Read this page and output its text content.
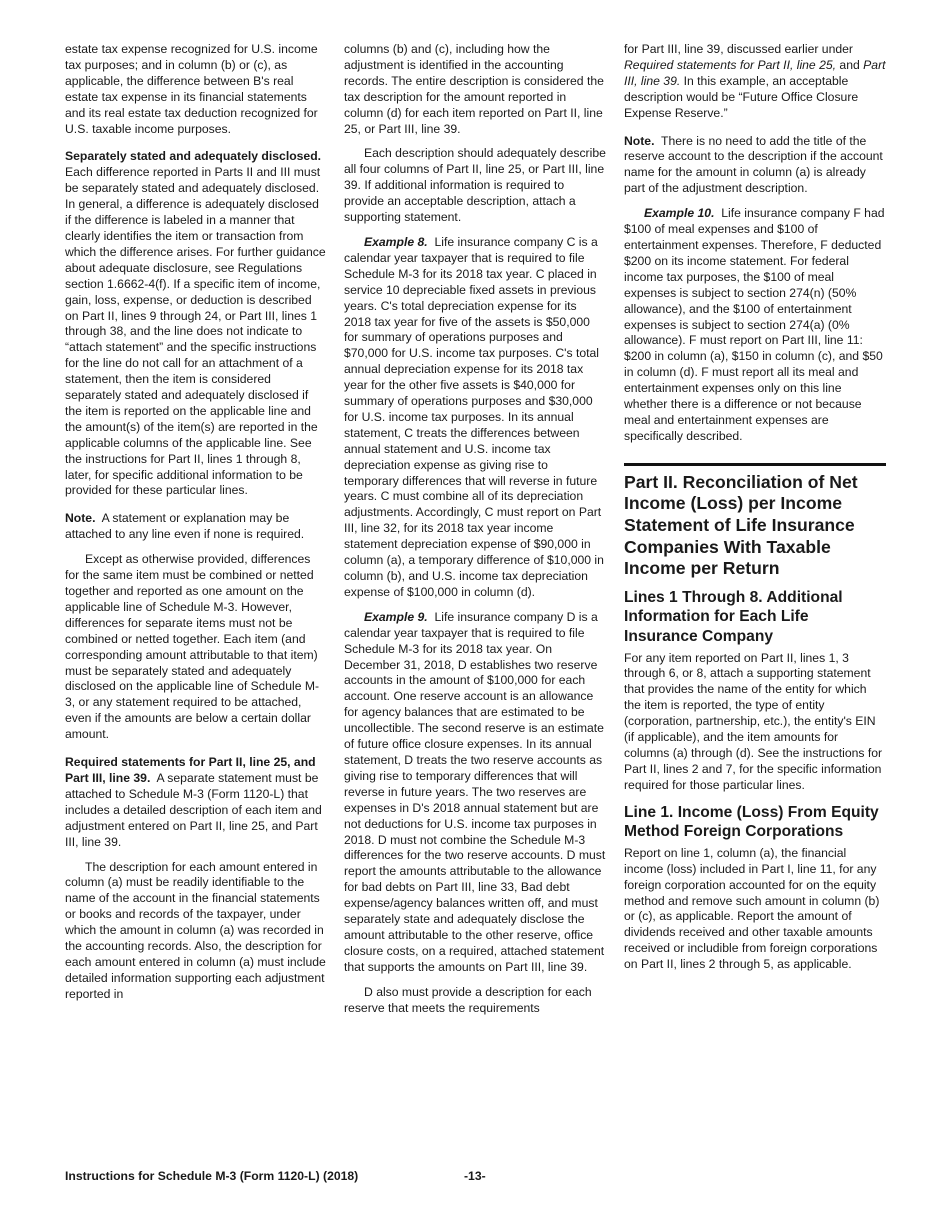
estate tax expense recognized for U.S. income tax purposes; and in column (b) or (c), as applicable, the difference between B's real estate tax expense in its financial statements and its real estate tax deduction recognized for U.S. taxable income purposes.

Separately stated and adequately disclosed.  Each difference reported in Parts II and III must be separately stated and adequately disclosed. In general, a difference is adequately disclosed if the difference is labeled in a manner that clearly identifies the item or transaction from which the difference arises. For further guidance about adequate disclosure, see Regulations section 1.6662-4(f). If a specific item of income, gain, loss, expense, or deduction is described on Part II, lines 9 through 24, or Part III, lines 1 through 38, and the line does not indicate to “attach statement” and the specific instructions for the line do not call for an attachment of a statement, then the item is considered separately stated and adequately disclosed if the item is reported on the applicable line and the amount(s) of the item(s) are reported in the applicable columns of the applicable line. See the instructions for Part II, lines 1 through 8, later, for specific additional information to be provided for these particular lines.

Note. A statement or explanation may be attached to any line even if none is required.

Except as otherwise provided, differences for the same item must be combined or netted together and reported as one amount on the applicable line of Schedule M-3. However, differences for separate items must not be combined or netted together. Each item (and corresponding amount attributable to that item) must be separately stated and adequately disclosed on the applicable line of Schedule M-3, or any statement required to be attached, even if the amounts are below a certain dollar amount.

Required statements for Part II, line 25, and Part III, line 39. A separate statement must be attached to Schedule M-3 (Form 1120-L) that includes a detailed description of each item and adjustment entered on Part II, line 25, and Part III, line 39.

The description for each amount entered in column (a) must be readily identifiable to the name of the account in the financial statements or books and records of the taxpayer, under which the amount in column (a) was recorded in the accounting records. Also, the description for each amount entered in column (a) must include detailed information supporting each adjustment reported in

columns (b) and (c), including how the adjustment is identified in the accounting records. The entire description is considered the tax description for the amount reported in column (d) for each item reported on Part II, line 25, or Part III, line 39.

Each description should adequately describe all four columns of Part II, line 25, or Part III, line 39. If additional information is required to provide an acceptable description, attach a supporting statement.

Example 8. Life insurance company C is a calendar year taxpayer that is required to file Schedule M-3 for its 2018 tax year. C placed in service 10 depreciable fixed assets in previous years. C's total depreciation expense for its 2018 tax year for five of the assets is $50,000 for summary of operations purposes and $70,000 for U.S. income tax purposes. C's total annual depreciation expense for its 2018 tax year for the other five assets is $40,000 for summary of operations purposes and $30,000 for U.S. income tax purposes. In its annual statement, C treats the differences between annual statement and U.S. income tax depreciation expense as giving rise to temporary differences that will reverse in future years. C must combine all of its depreciation adjustments. Accordingly, C must report on Part III, line 32, for its 2018 tax year income statement depreciation expense of $90,000 in column (a), a temporary difference of $10,000 in column (b), and U.S. income tax depreciation expense of $100,000 in column (d).

Example 9. Life insurance company D is a calendar year taxpayer that is required to file Schedule M-3 for its 2018 tax year. On December 31, 2018, D establishes two reserve accounts in the amount of $100,000 for each account. One reserve account is an allowance for agency balances that are estimated to be uncollectible. The second reserve is an estimate of future office closure expenses. In its annual statement, D treats the two reserve accounts as giving rise to temporary differences that will reverse in future years. The two reserves are expenses in D's 2018 annual statement but are not deductions for U.S. income tax purposes in 2018. D must not combine the Schedule M-3 differences for the two reserve accounts. D must report the amounts attributable to the allowance for bad debts on Part III, line 33, Bad debt expense/agency balances written off, and must separately state and adequately disclose the amount attributable to the other reserve, office closure costs, on a required, attached statement that supports the amounts on Part III, line 39.

D also must provide a description for each reserve that meets the requirements

for Part III, line 39, discussed earlier under Required statements for Part II, line 25, and Part III, line 39. In this example, an acceptable description would be “Future Office Closure Expense Reserve.”

Note. There is no need to add the title of the reserve account to the description if the account name for the amount in column (a) is already part of the adjustment description.

Example 10. Life insurance company F had $100 of meal expenses and $100 of entertainment expenses. Therefore, F deducted $200 on its income statement. For federal income tax purposes, the $100 of meal expenses is subject to section 274(n) (50% allowance), and the $100 of entertainment expenses is subject to section 274(a) (0% allowance). F must report on Part III, line 11: $200 in column (a), $150 in column (c), and $50 in column (d). F must report all its meal and entertainment expenses only on this line whether there is a difference or not because meal and entertainment expenses are specifically described.

Part II. Reconciliation of Net Income (Loss) per Income Statement of Life Insurance Companies With Taxable Income per Return
Lines 1 Through 8. Additional Information for Each Life Insurance Company

For any item reported on Part II, lines 1, 3 through 6, or 8, attach a supporting statement that provides the name of the entity for which the item is reported, the type of entity (corporation, partnership, etc.), the entity's EIN (if applicable), and the item amounts for columns (a) through (d). See the instructions for Part II, lines 2 and 7, for the specific information required for those particular lines.

Line 1. Income (Loss) From Equity Method Foreign Corporations

Report on line 1, column (a), the financial income (loss) included in Part I, line 11, for any foreign corporation accounted for on the equity method and remove such amount in column (b) or (c), as applicable. Report the amount of dividends received and other taxable amounts received or includible from foreign corporations on Part II, lines 2 through 5, as applicable.

Instructions for Schedule M-3 (Form 1120-L) (2018)	-13-
